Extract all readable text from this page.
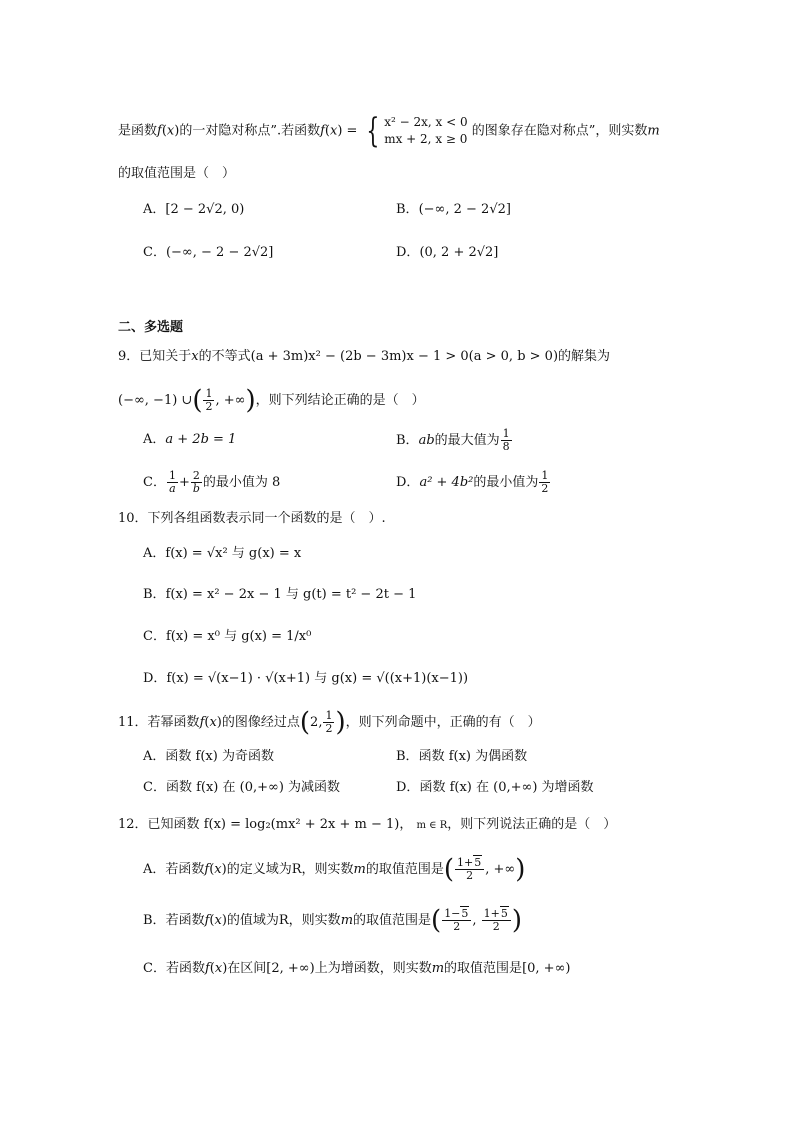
是函数f(x)的一对隐对称点”.若函数f(x) = { x² − 2x, x < 0
mx + 2, x ≥ 0
的图象存在隐对称点”，则实数m
的取值范围是（　）
A．[2 − 2√2, 0)	B．(−∞, 2 − 2√2]
C．(−∞, − 2 − 2√2]	D．(0, 2 + 2√2]
二、多选题
9．已知关于x的不等式(a + 3m)x² − (2b − 3m)x − 1 > 0(a > 0, b > 0)的解集为
(−∞, −1) ∪( $\frac{1}{2}$ , +∞)，则下列结论正确的是（　）
A．a + 2b = 1	B．ab的最大值为 $\frac{1}{8}$
C． $\frac{1}{a} + \frac{2}{b}$ 的最小值为 8	D．a² + 4b²的最小值为 $\frac{1}{2}$
10．下列各组函数表示同一个函数的是（　）.
A．f(x) = √x² 与 g(x) = x
B．f(x) = x² − 2x − 1 与 g(t) = t² − 2t − 1
C．f(x) = x⁰ 与 g(x) = 1/x⁰
D．f(x) = √(x−1) · √(x+1) 与 g(x) = √((x+1)(x−1))
11．若幂函数f(x)的图像经过点(2, $\frac{1}{2}$ )，则下列命题中，正确的有（　）
A．函数 f(x) 为奇函数	B．函数 f(x) 为偶函数
C．函数 f(x) 在 (0,+∞) 为减函数	D．函数 f(x) 在 (0,+∞) 为增函数
12．已知函数 f(x) = log₂(mx² + 2x + m − 1)， m ∈ R，则下列说法正确的是（　）
A．若函数f(x)的定义域为R，则实数m的取值范围是( $\frac{1+5}{2}$ , +∞)
B．若函数f(x)的值域为R，则实数m的取值范围是( $\frac{1-5}{2}$ , $\frac{1+5}{2}$ )
C．若函数f(x)在区间[2, +∞)上为增函数，则实数m的取值范围是[0, +∞)
